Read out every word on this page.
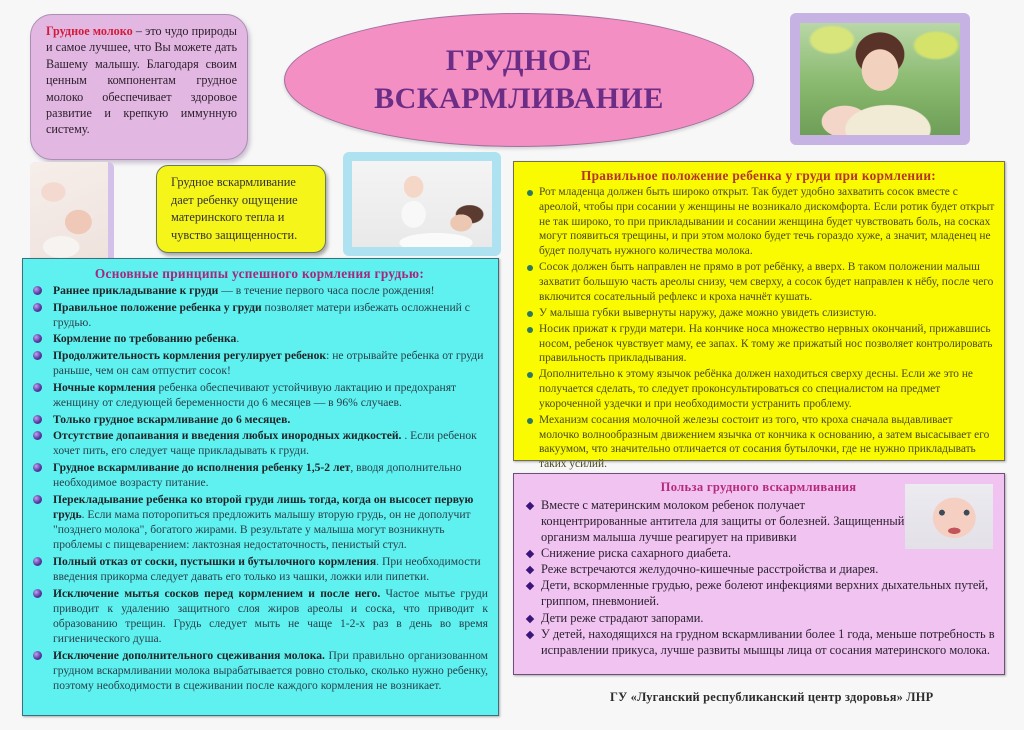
Грудное молоко – это чудо природы и самое лучшее, что Вы можете дать Вашему малышу. Благодаря своим ценным компонентам грудное молоко обеспечивает здоровое развитие и крепкую иммунную систему.
ГРУДНОЕ
ВСКАРМЛИВАНИЕ
Грудное вскармливание дает ребенку ощущение материнского тепла и чувство защищенности.
Основные принципы успешного кормления грудью:
Раннее прикладывание к груди — в течение первого часа после рождения!
Правильное положение ребенка у груди позволяет матери избежать осложнений с грудью.
Кормление по требованию ребенка.
Продолжительность кормления регулирует ребенок: не отрывайте ребенка от груди раньше, чем он сам отпустит сосок!
Ночные кормления ребенка обеспечивают устойчивую лактацию и предохранят женщину от следующей беременности до 6 месяцев — в 96% случаев.
Только грудное вскармливание до 6 месяцев.
Отсутствие допаивания и введения любых инородных жидкостей. . Если ребенок хочет пить, его следует чаще прикладывать к груди.
Грудное вскармливание до исполнения ребенку 1,5-2 лет, вводя дополнительно необходимое возрасту питание.
Перекладывание ребенка ко второй груди лишь тогда, когда он высосет первую грудь. Если мама поторопиться предложить малышу вторую грудь, он не дополучит "позднего молока", богатого жирами. В результате у малыша могут возникнуть проблемы с пищеварением: лактозная недостаточность, пенистый стул.
Полный отказ от соски, пустышки и бутылочного кормления. При необходимости введения прикорма следует давать его только из чашки, ложки или пипетки.
Исключение мытья сосков перед кормлением и после него. Частое мытье груди приводит к удалению защитного слоя жиров ареолы и соска, что приводит к образованию трещин. Грудь следует мыть не чаще 1-2-х раз в день во время гигиенического душа.
Исключение дополнительного сцеживания молока. При правильно организованном грудном вскармливании молока вырабатывается ровно столько, сколько нужно ребенку, поэтому необходимости в сцеживании после каждого кормления не возникает.
Правильное положение ребенка у груди при кормлении:
Рот младенца должен быть широко открыт. Так будет удобно захватить сосок вместе с ареолой, чтобы при сосании у женщины не возникало дискомфорта. Если ротик будет открыт не так широко, то при прикладывании и сосании женщина будет чувствовать боль, на сосках могут появиться трещины, и при этом молоко будет течь гораздо хуже, а значит, младенец не будет получать нужного количества молока.
Сосок должен быть направлен не прямо в рот ребёнку, а вверх. В таком положении малыш захватит большую часть ареолы снизу, чем сверху, а сосок будет направлен к нёбу, после чего включится сосательный рефлекс и кроха начнёт кушать.
У малыша губки вывернуты наружу, даже можно увидеть слизистую.
Носик прижат к груди матери. На кончике носа множество нервных окончаний, прижавшись носом, ребенок чувствует маму, ее запах. К тому же прижатый нос позволяет контролировать правильность прикладывания.
Дополнительно к этому язычок ребёнка должен находиться сверху десны. Если же это не получается сделать, то следует проконсультироваться со специалистом на предмет укороченной уздечки и при необходимости устранить проблему.
Механизм сосания молочной железы состоит из того, что кроха сначала выдавливает молочко волнообразным движением язычка от кончика к основанию, а затем высасывает его вакуумом, что значительно отличается от сосания бутылочки, где не нужно прикладывать таких усилий.
Польза грудного вскармливания
Вместе с материнским молоком ребенок получает концентрированные антитела для защиты от болезней. Защищенный организм малыша лучше реагирует на прививки
Снижение риска сахарного диабета.
Реже встречаются желудочно-кишечные расстройства и диарея.
Дети, вскормленные грудью, реже болеют инфекциями верхних дыхательных путей, гриппом, пневмонией.
Дети реже страдают запорами.
У детей, находящихся на грудном вскармливании более 1 года, меньше потребность в исправлении прикуса, лучше развиты мышцы лица от сосания материнского молока.
ГУ «Луганский республиканский центр здоровья» ЛНР
